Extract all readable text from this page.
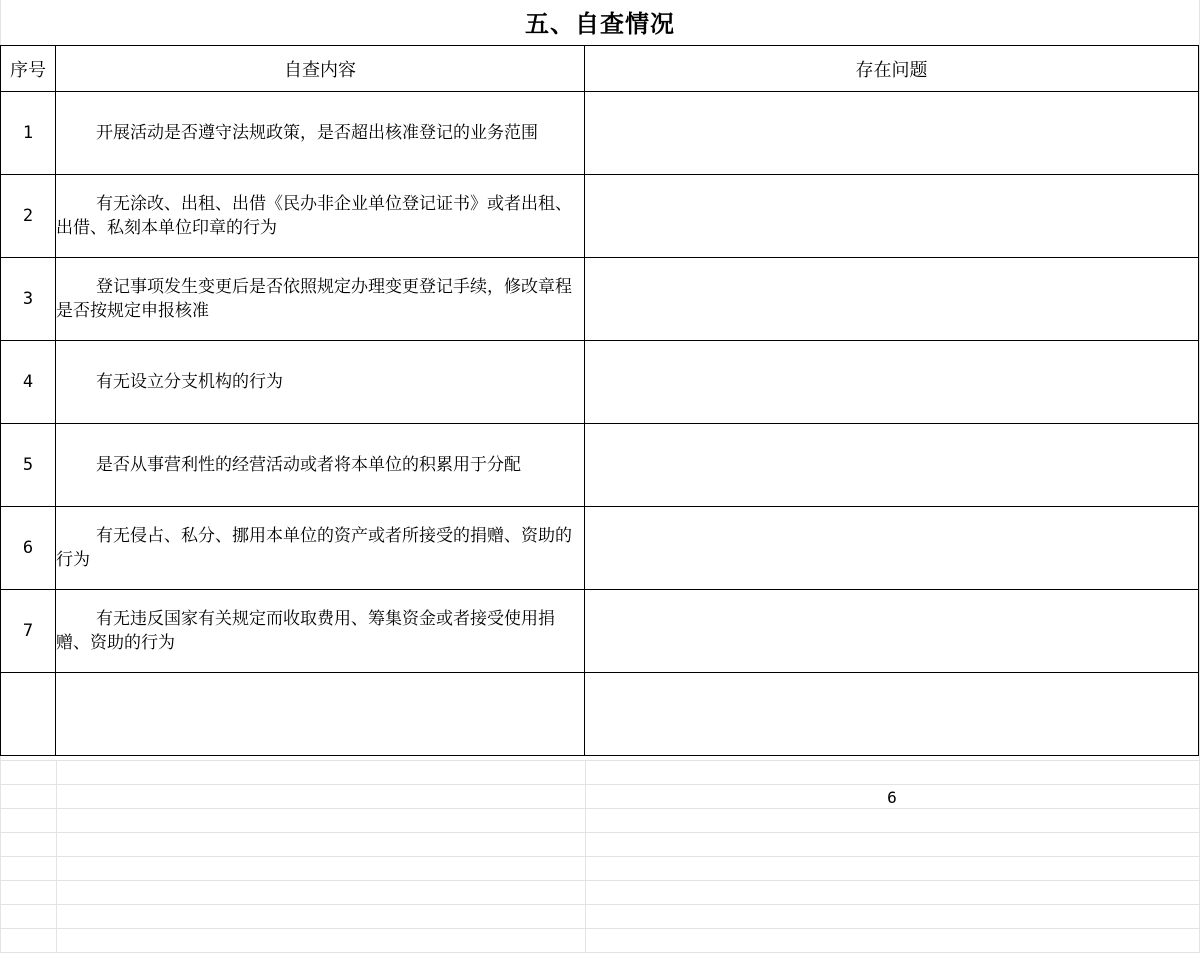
五、自查情况
序号	自查内容	存在问题
1	开展活动是否遵守法规政策，是否超出核准登记的业务范围	

2	有无涂改、出租、出借《民办非企业单位登记证书》或者出租、出借、私刻本单位印章的行为	

3	登记事项发生变更后是否依照规定办理变更登记手续，修改章程是否按规定申报核准	

4	有无设立分支机构的行为	

5	是否从事营利性的经营活动或者将本单位的积累用于分配	

6	有无侵占、私分、挪用本单位的资产或者所接受的捐赠、资助的行为	

7	有无违反国家有关规定而收取费用、筹集资金或者接受使用捐赠、资助的行为	

6
